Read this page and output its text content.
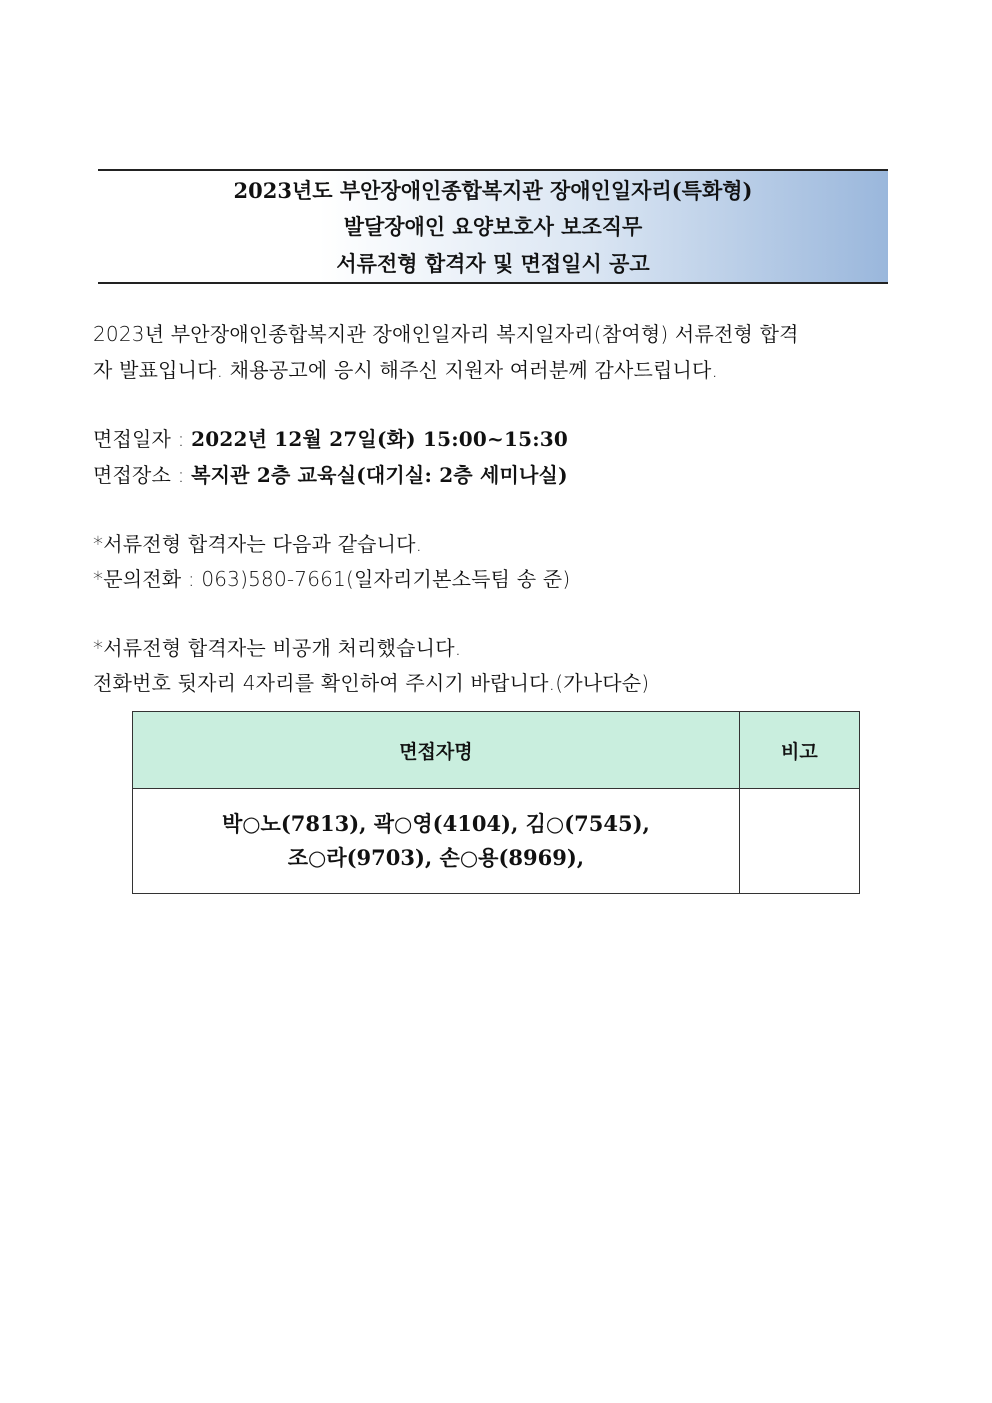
2023년도 부안장애인종합복지관 장애인일자리(특화형)
발달장애인 요양보호사 보조직무
서류전형 합격자 및 면접일시 공고
2023년 부안장애인종합복지관 장애인일자리 복지일자리(참여형) 서류전형 합격
자 발표입니다. 채용공고에 응시 해주신 지원자 여러분께 감사드립니다.
면접일자 : 2022년 12월 27일(화) 15:00~15:30
면접장소 : 복지관 2층 교육실(대기실: 2층 세미나실)
*서류전형 합격자는 다음과 같습니다.
*문의전화 : 063)580-7661(일자리기본소득팀 송 준)
*서류전형 합격자는 비공개 처리했습니다.
전화번호 뒷자리 4자리를 확인하여 주시기 바랍니다.(가나다순)
면접자명	비고

박○노(7813), 곽○영(4104), 김○(7545),
조○라(9703), 손○용(8969),	
